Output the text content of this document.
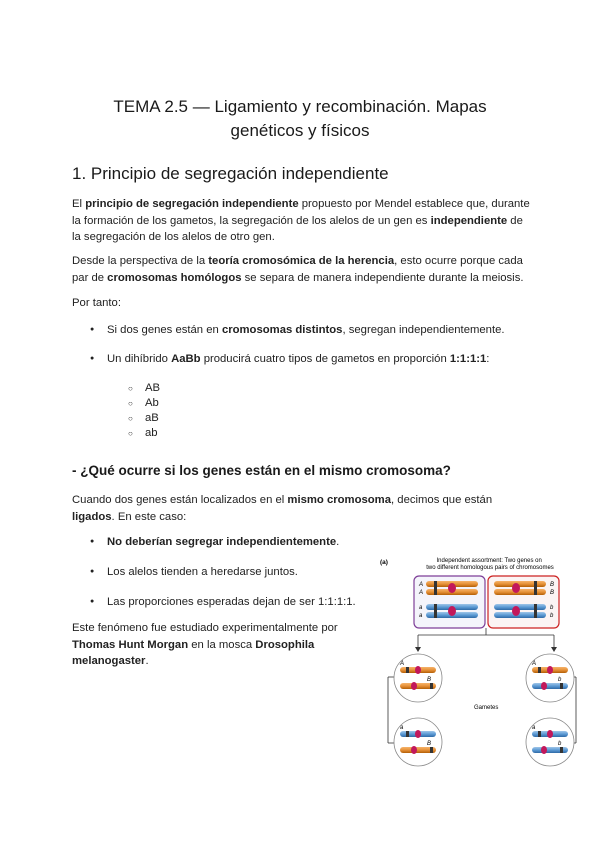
TEMA 2.5 — Ligamiento y recombinación. Mapas genéticos y físicos
1. Principio de segregación independiente
El principio de segregación independiente propuesto por Mendel establece que, durante la formación de los gametos, la segregación de los alelos de un gen es independiente de la segregación de los alelos de otro gen.
Desde la perspectiva de la teoría cromosómica de la herencia, esto ocurre porque cada par de cromosomas homólogos se separa de manera independiente durante la meiosis.
Por tanto:
● Si dos genes están en cromosomas distintos, segregan independientemente.
● Un dihíbrido AaBb producirá cuatro tipos de gametos en proporción 1:1:1:1:
○ AB
○ Ab
○ aB
○ ab
- ¿Qué ocurre si los genes están en el mismo cromosoma?
Cuando dos genes están localizados en el mismo cromosoma, decimos que están ligados. En este caso:
● No deberían segregar independientemente.
● Los alelos tienden a heredarse juntos.
● Las proporciones esperadas dejan de ser 1:1:1:1.
Este fenómeno fue estudiado experimentalmente por Thomas Hunt Morgan en la mosca Drosophila melanogaster.
(a)	Independent assortment: Two genes on two different homologous pairs of chromosomes
A
A
a
a
B
B
b
b
A
B
A
b
a
B
a
b
Gametes
